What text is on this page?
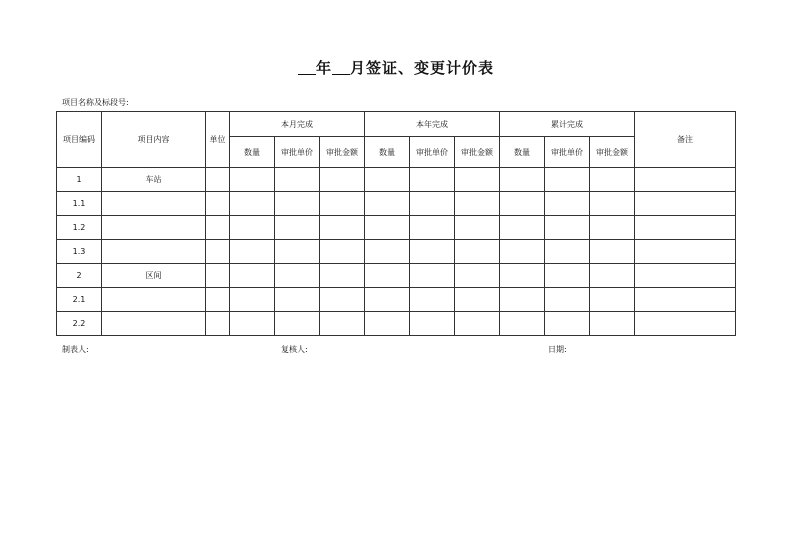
年 月签证、变更计价表
项目名称及标段号:
项目编码	项目内容	单位	本月完成			本年完成			累计完成			备注
			数量	审批单价	审批金额	数量	审批单价	审批金额	数量	审批单价	审批金额	
1	车站											
1.1												
1.2												
1.3												
2	区间											
2.1												
2.2												
制表人:	复核人:	日期:
